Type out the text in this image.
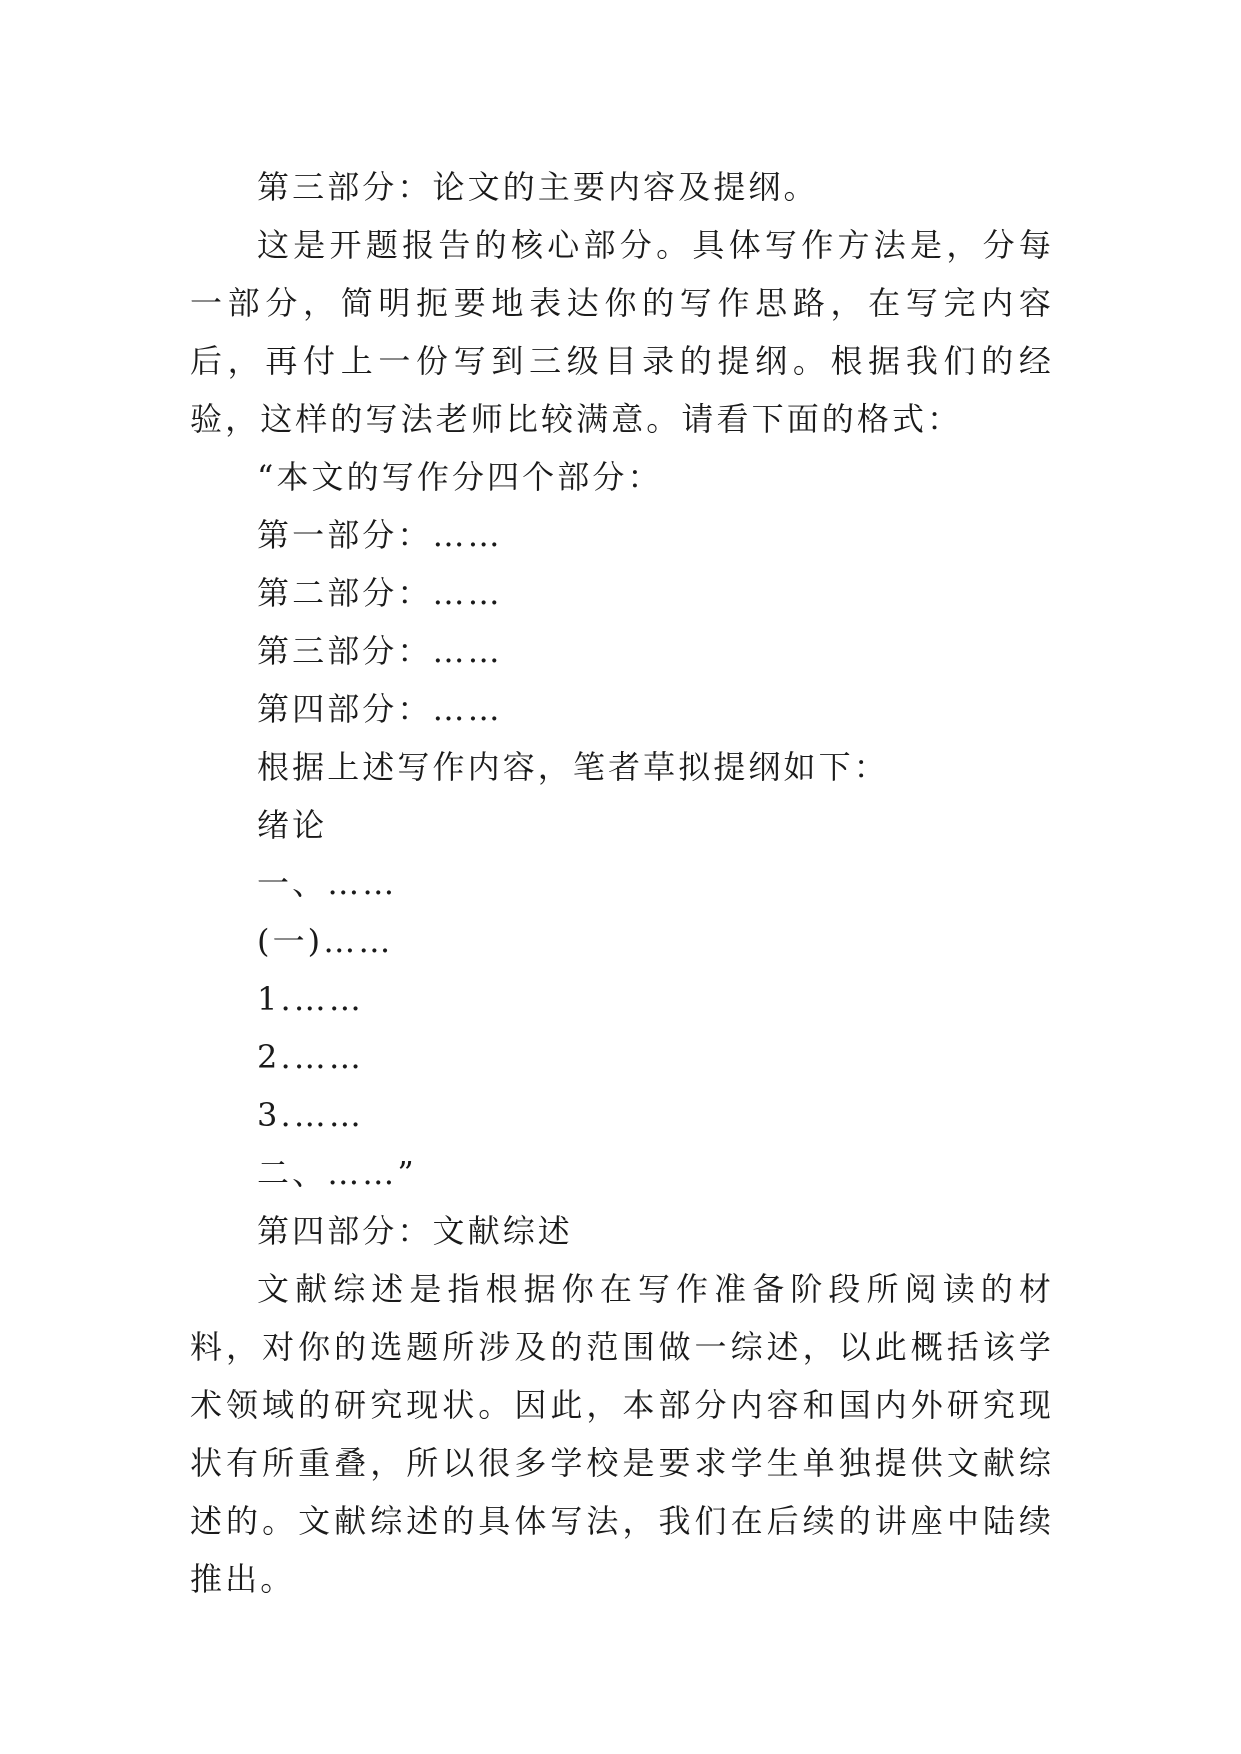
第三部分：论文的主要内容及提纲。
这是开题报告的核心部分。具体写作方法是，分每一部分，简明扼要地表达你的写作思路，在写完内容后，再付上一份写到三级目录的提纲。根据我们的经验，这样的写法老师比较满意。请看下面的格式：
“本文的写作分四个部分：
第一部分：……
第二部分：……
第三部分：……
第四部分：……
根据上述写作内容，笔者草拟提纲如下：
绪论
一、……
(一)……
1.……
2.……
3.……
二、……”
第四部分：文献综述
文献综述是指根据你在写作准备阶段所阅读的材料，对你的选题所涉及的范围做一综述，以此概括该学术领域的研究现状。因此，本部分内容和国内外研究现状有所重叠，所以很多学校是要求学生单独提供文献综述的。文献综述的具体写法，我们在后续的讲座中陆续推出。
